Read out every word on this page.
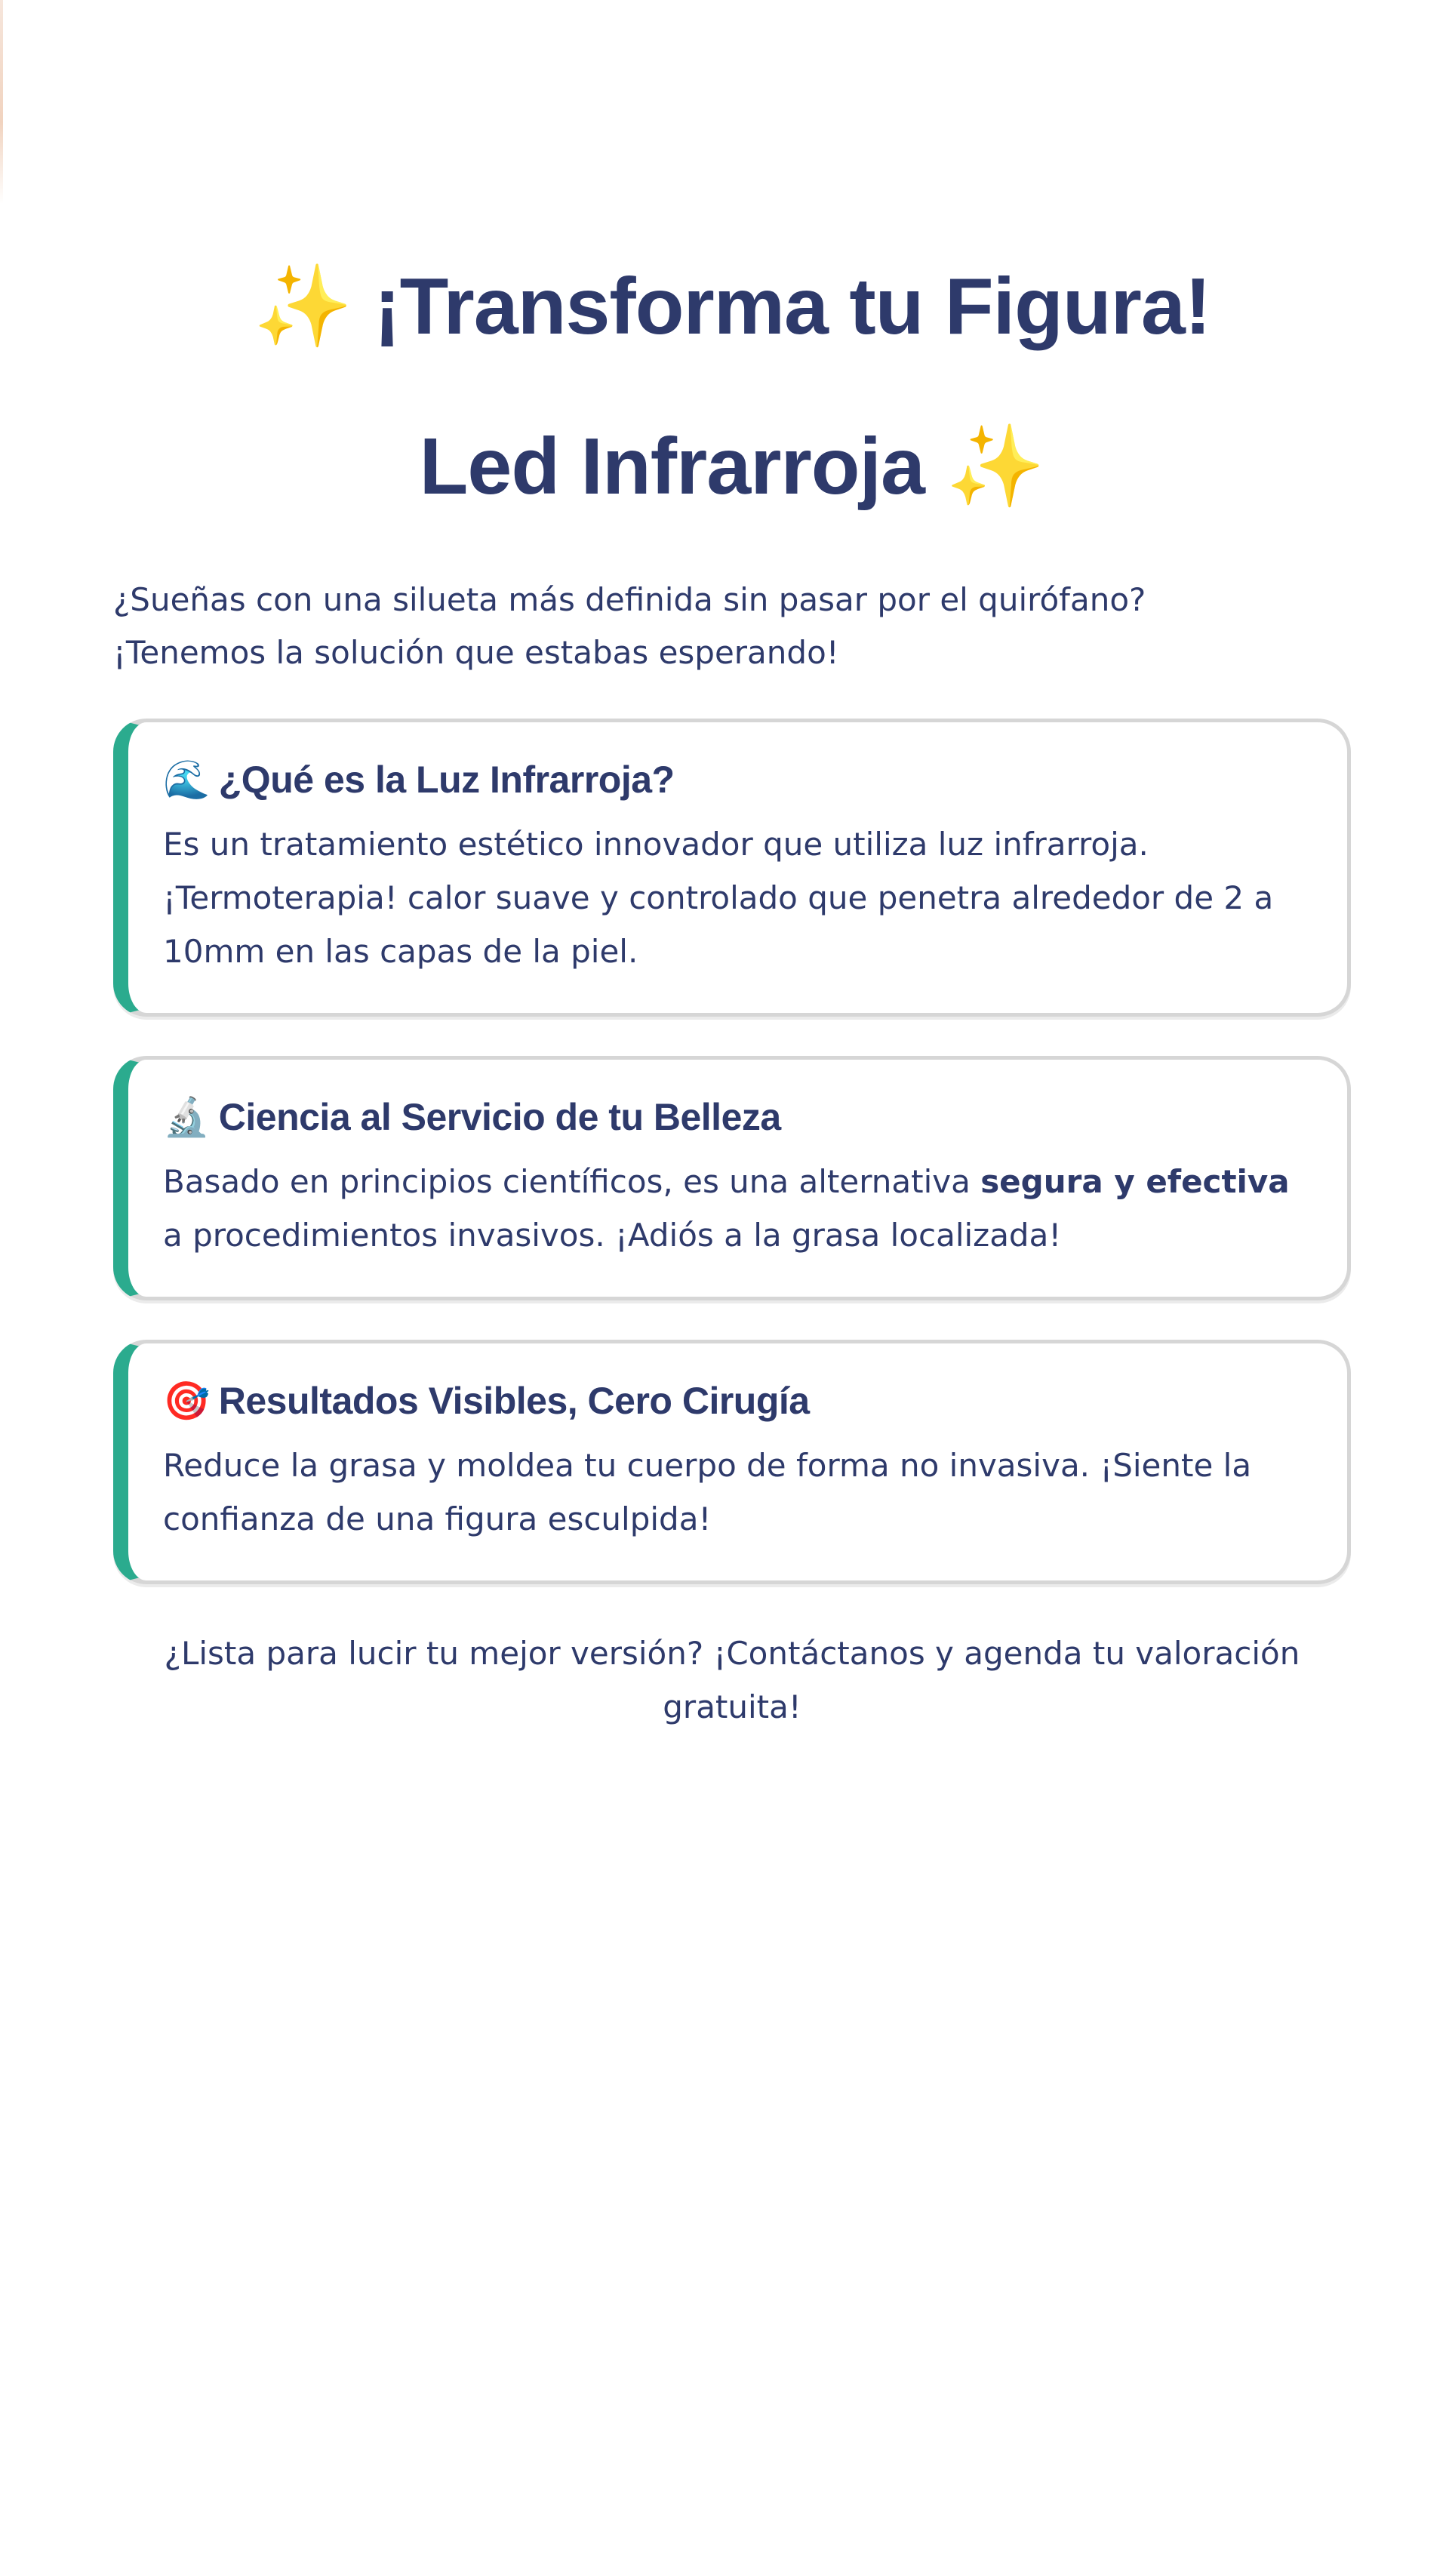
✨ ¡Transforma tu Figura!
Led Infrarroja ✨

¿Sueñas con una silueta más definida sin pasar por el quirófano?
¡Tenemos la solución que estabas esperando!

🌊 ¿Qué es la Luz Infrarroja?

Es un tratamiento estético innovador que utiliza luz infrarroja. ¡Termoterapia! calor suave y controlado que penetra alrededor de 2 a 10mm en las capas de la piel.

🔬 Ciencia al Servicio de tu Belleza

Basado en principios científicos, es una alternativa segura y efectiva a procedimientos invasivos. ¡Adiós a la grasa localizada!

🎯 Resultados Visibles, Cero Cirugía

Reduce la grasa y moldea tu cuerpo de forma no invasiva. ¡Siente la confianza de una figura esculpida!

¿Lista para lucir tu mejor versión? ¡Contáctanos y agenda tu valoración gratuita!
